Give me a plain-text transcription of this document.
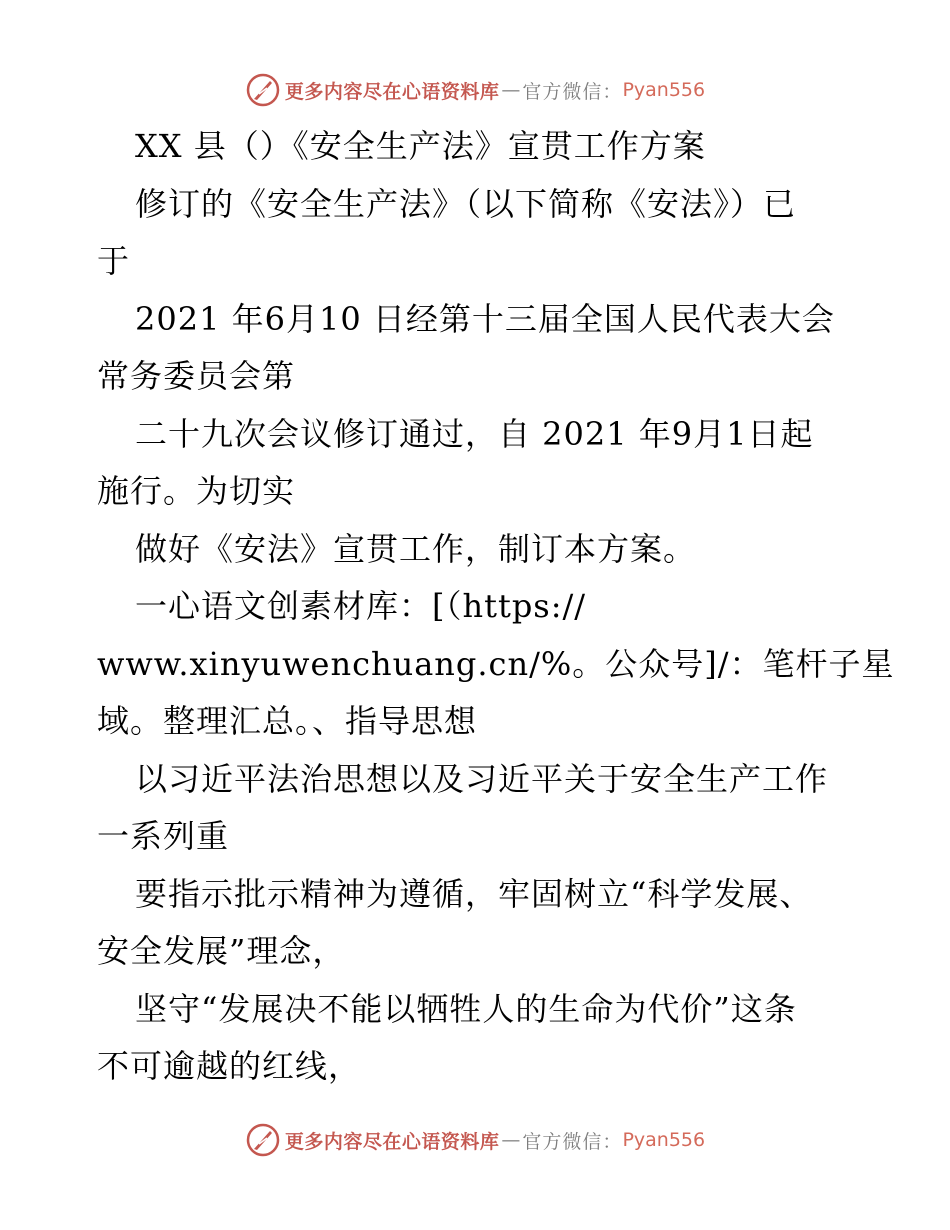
更多内容尽在心语资料库 — 官方微信： Pyan556
XX 县（）《安全生产法》宣贯工作方案
修订的《安全生产法》（以下简称《安法》）已
于
2021 年6月10 日经第十三届全国人民代表大会
常务委员会第
二十九次会议修订通过，自 2021 年9月1日起
施行。为切实
做好《安法》宣贯工作，制订本方案。
一心语文创素材库：[（https://
www.xinyuwenchuang.cn/%。公众号]/：笔杆子星
域。整理汇总。、指导思想
以习近平法治思想以及习近平关于安全生产工作
一系列重
要指示批示精神为遵循，牢固树立“科学发展、
安全发展”理念，
坚守“发展决不能以牺牲人的生命为代价”这条
不可逾越的红线，
更多内容尽在心语资料库 — 官方微信： Pyan556
